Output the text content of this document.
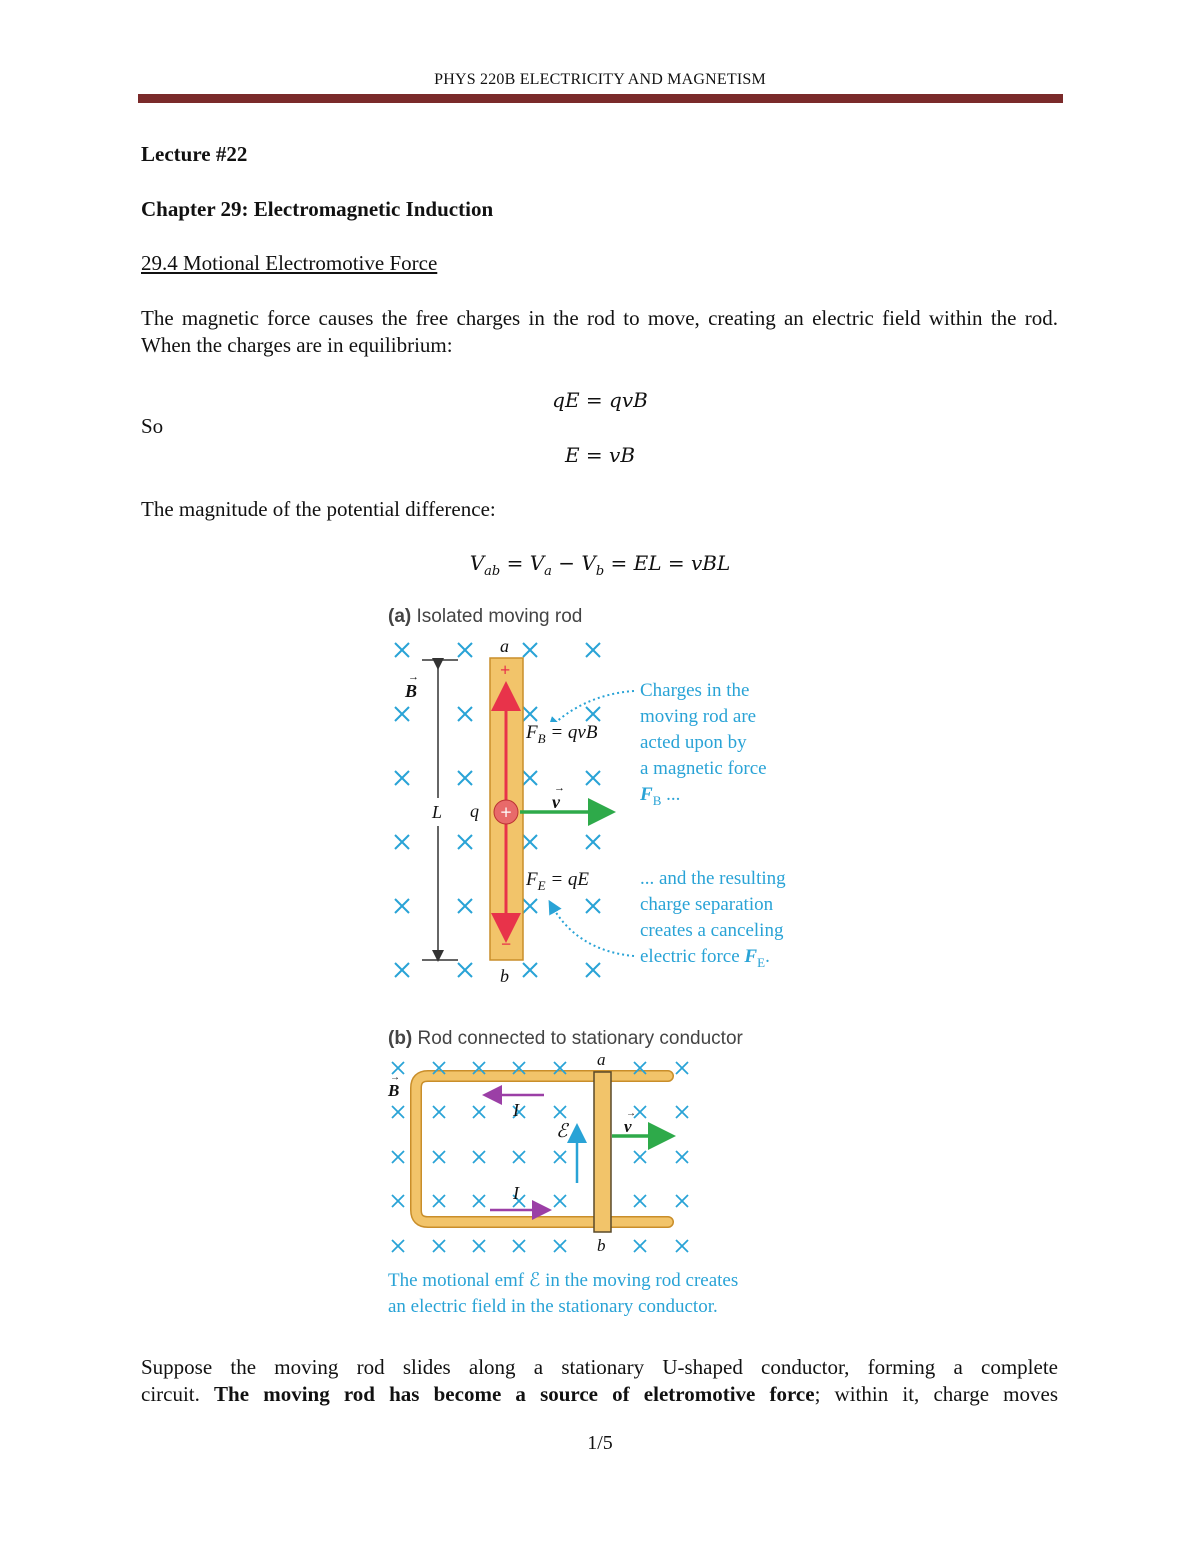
PHYS 220B ELECTRICITY AND MAGNETISM
Lecture #22
Chapter 29: Electromagnetic Induction
29.4 Motional Electromotive Force
The magnetic force causes the free charges in the rod to move, creating an electric field within the rod. When the charges are in equilibrium:
qE = qvB
So
E = vB
The magnitude of the potential difference:
$V_{ab} = V_a - V_b$ = EL = vBL
+
(a) Isolated moving rod
a
b
+
−
→
B
L q
→
v
$F_B$ = qvB
$F_E$ = qE
Charges in the
moving rod are
acted upon by
a magnetic force
$F_B$ ...
... and the resulting
charge separation
creates a canceling
electric force $F_E$.
(b) Rod connected to stationary conductor
a
b
→
B
I
I
ℰ
→
v
The motional emf ℰ in the moving rod creates
an electric field in the stationary conductor.
Suppose the moving rod slides along a stationary U-shaped conductor, forming a complete
circuit. The moving rod has become a source of eletromotive force; within it, charge moves
1/5
